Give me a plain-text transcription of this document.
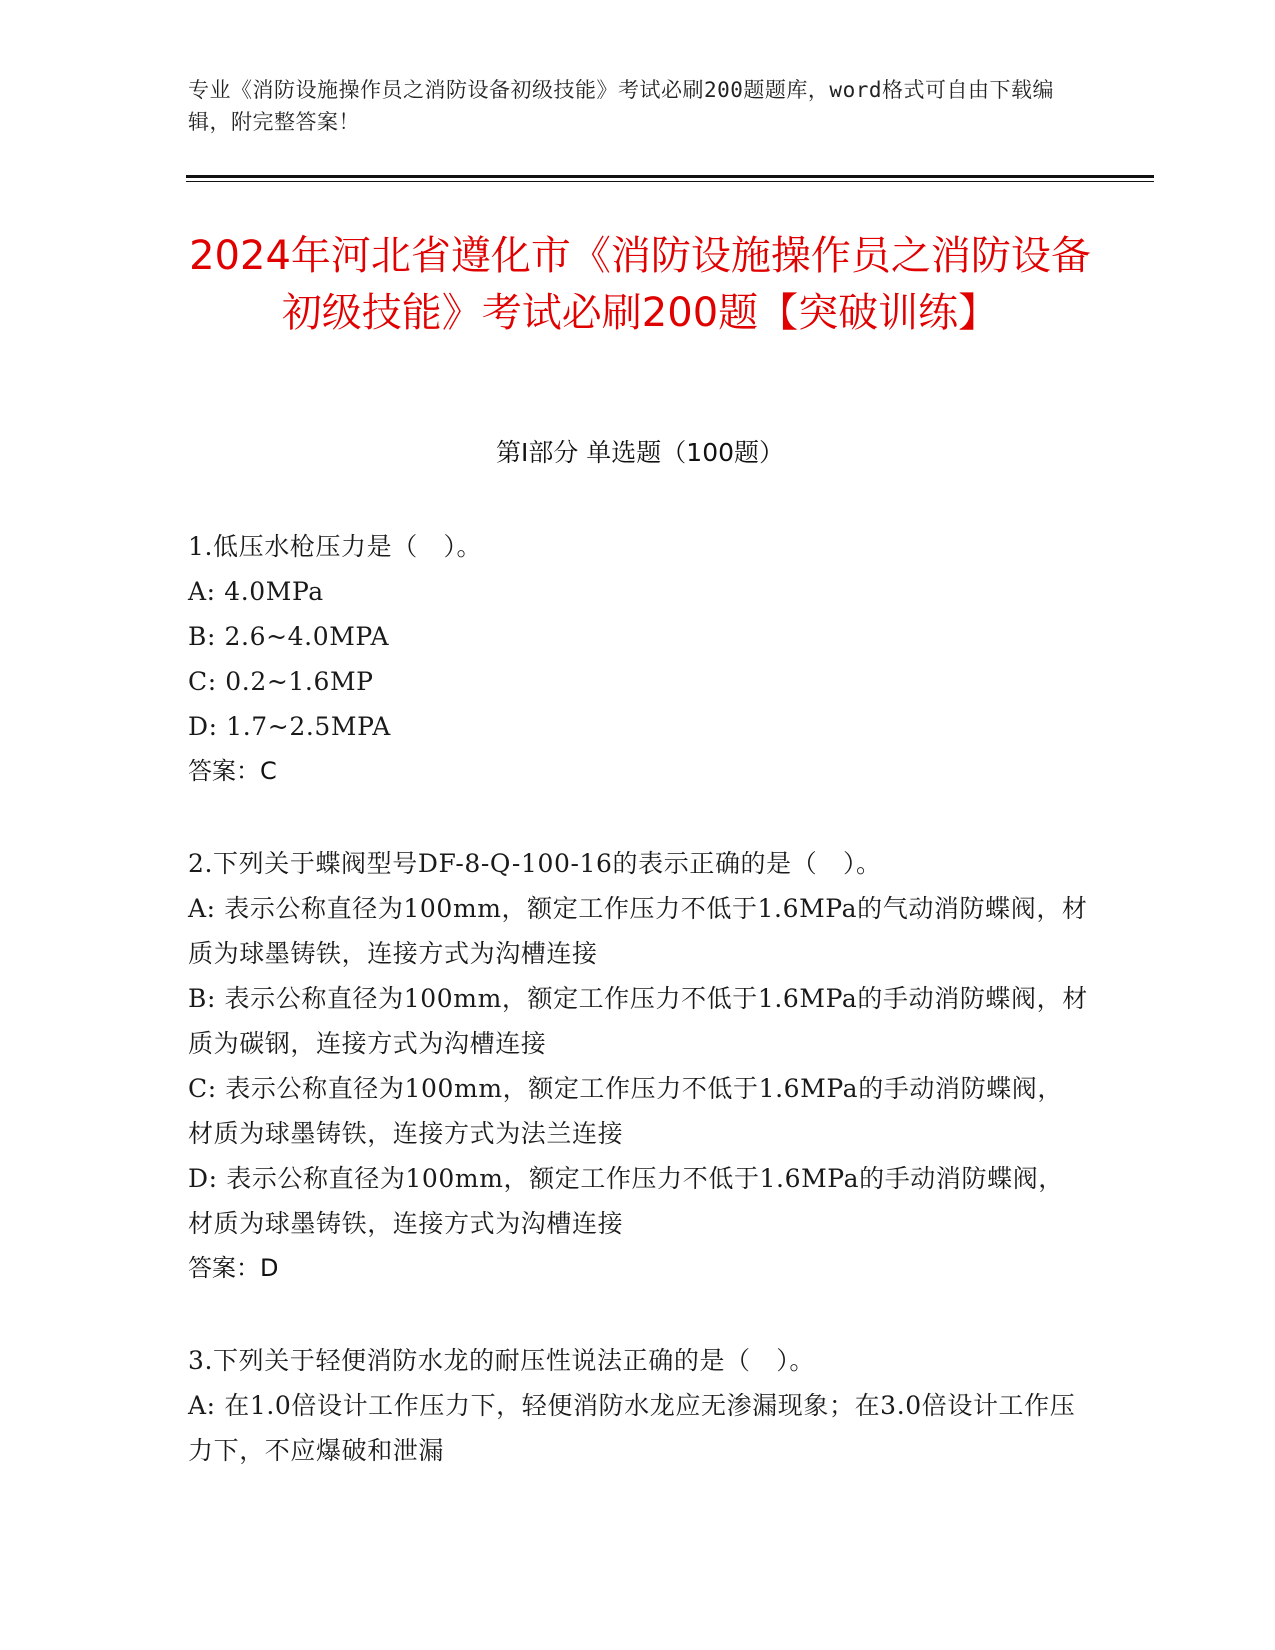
专业《消防设施操作员之消防设备初级技能》考试必刷200题题库，word格式可自由下载编辑，附完整答案！
2024年河北省遵化市《消防设施操作员之消防设备初级技能》考试必刷200题【突破训练】
第I部分 单选题（100题）
1.低压水枪压力是（　）。
A: 4.0MPa
B: 2.6~4.0MPA
C: 0.2~1.6MP
D: 1.7~2.5MPA
答案：C
2.下列关于蝶阀型号DF-8-Q-100-16的表示正确的是（　）。
A: 表示公称直径为100mm，额定工作压力不低于1.6MPa的气动消防蝶阀，材质为球墨铸铁，连接方式为沟槽连接
B: 表示公称直径为100mm，额定工作压力不低于1.6MPa的手动消防蝶阀，材质为碳钢，连接方式为沟槽连接
C: 表示公称直径为100mm，额定工作压力不低于1.6MPa的手动消防蝶阀，材质为球墨铸铁，连接方式为法兰连接
D: 表示公称直径为100mm，额定工作压力不低于1.6MPa的手动消防蝶阀，材质为球墨铸铁，连接方式为沟槽连接
答案：D
3.下列关于轻便消防水龙的耐压性说法正确的是（　）。
A: 在1.0倍设计工作压力下，轻便消防水龙应无渗漏现象；在3.0倍设计工作压力下，不应爆破和泄漏
